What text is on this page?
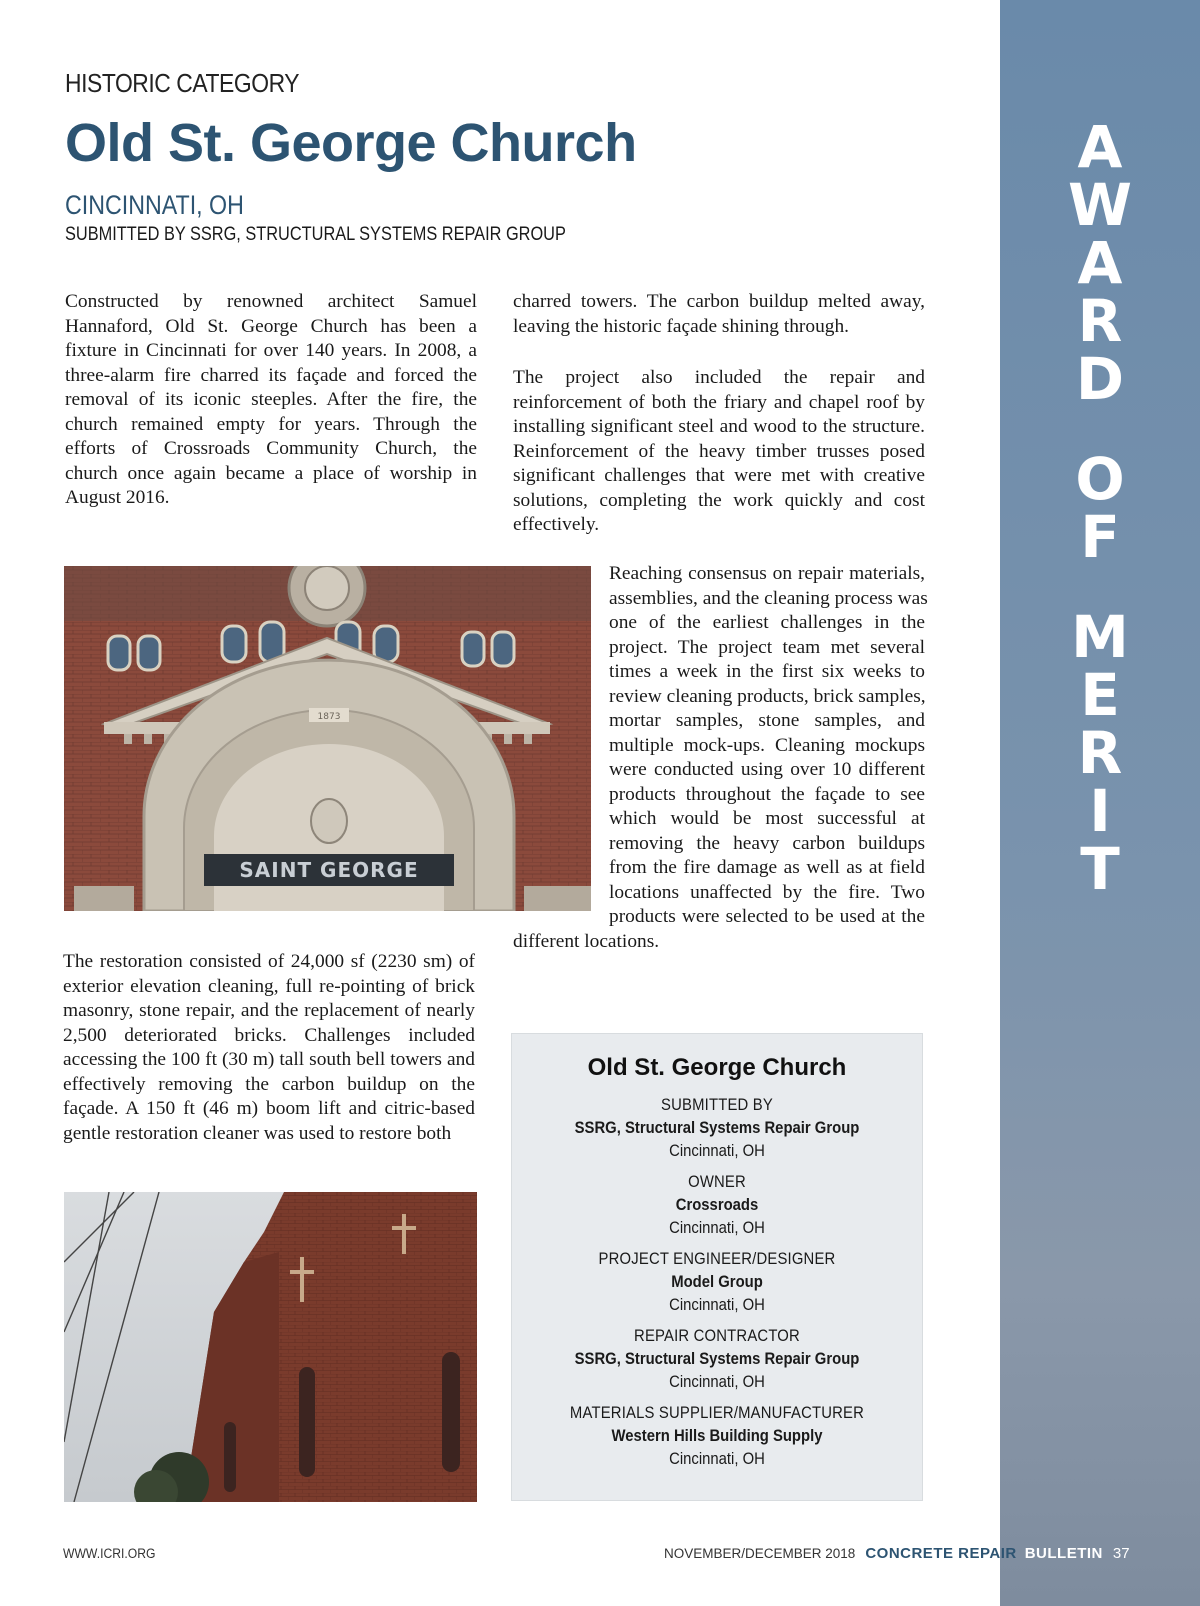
A
W
A
R
D
O
F
M
E
R
I
T
HISTORIC CATEGORY
Old St. George Church
CINCINNATI, OH
SUBMITTED BY SSRG, STRUCTURAL SYSTEMS REPAIR GROUP

Constructed by renowned architect Samuel Hannaford, Old St. George Church has been a fixture in Cincinnati for over 140 years. In 2008, a three-alarm fire charred its façade and forced the removal of its iconic steeples. After the fire, the church remained empty for years. Through the efforts of Crossroads Community Church, the church once again became a place of worship in August 2016.

charred towers. The carbon buildup melted away, leaving the historic façade shining through.

The project also included the repair and reinforcement of both the friary and chapel roof by installing significant steel and wood to the structure. Reinforcement of the heavy timber trusses posed significant challenges that were met with creative solutions, completing the work quickly and cost effectively.

Reaching consensus on repair materials,
assemblies, and the cleaning process was
one of the earliest challenges in the
project. The project team met several
times a week in the first six weeks to
review cleaning products, brick samples,
mortar samples, stone samples, and
multiple mock-ups. Cleaning mockups
were conducted using over 10 different
products throughout the façade to see
which would be most successful at
removing the heavy carbon buildups
from the fire damage as well as at field
locations unaffected by the fire. Two
products were selected to be used at the
different locations.
1873
SAINT GEORGE

The restoration consisted of 24,000 sf (2230 sm) of exterior elevation cleaning, full re-pointing of brick masonry, stone repair, and the replacement of nearly 2,500 deteriorated bricks. Challenges included accessing the 100 ft (30 m) tall south bell towers and effectively removing the carbon buildup on the façade. A 150 ft (46 m) boom lift and citric-based gentle restoration cleaner was used to restore both

Old St. George Church
SUBMITTED BY
SSRG, Structural Systems Repair Group
Cincinnati, OH
OWNER
Crossroads
Cincinnati, OH
PROJECT ENGINEER/DESIGNER
Model Group
Cincinnati, OH
REPAIR CONTRACTOR
SSRG, Structural Systems Repair Group
Cincinnati, OH
MATERIALS SUPPLIER/MANUFACTURER
Western Hills Building Supply
Cincinnati, OH
WWW.ICRI.ORG	NOVEMBER/DECEMBER 2018 CONCRETE REPAIR BULLETIN 37
